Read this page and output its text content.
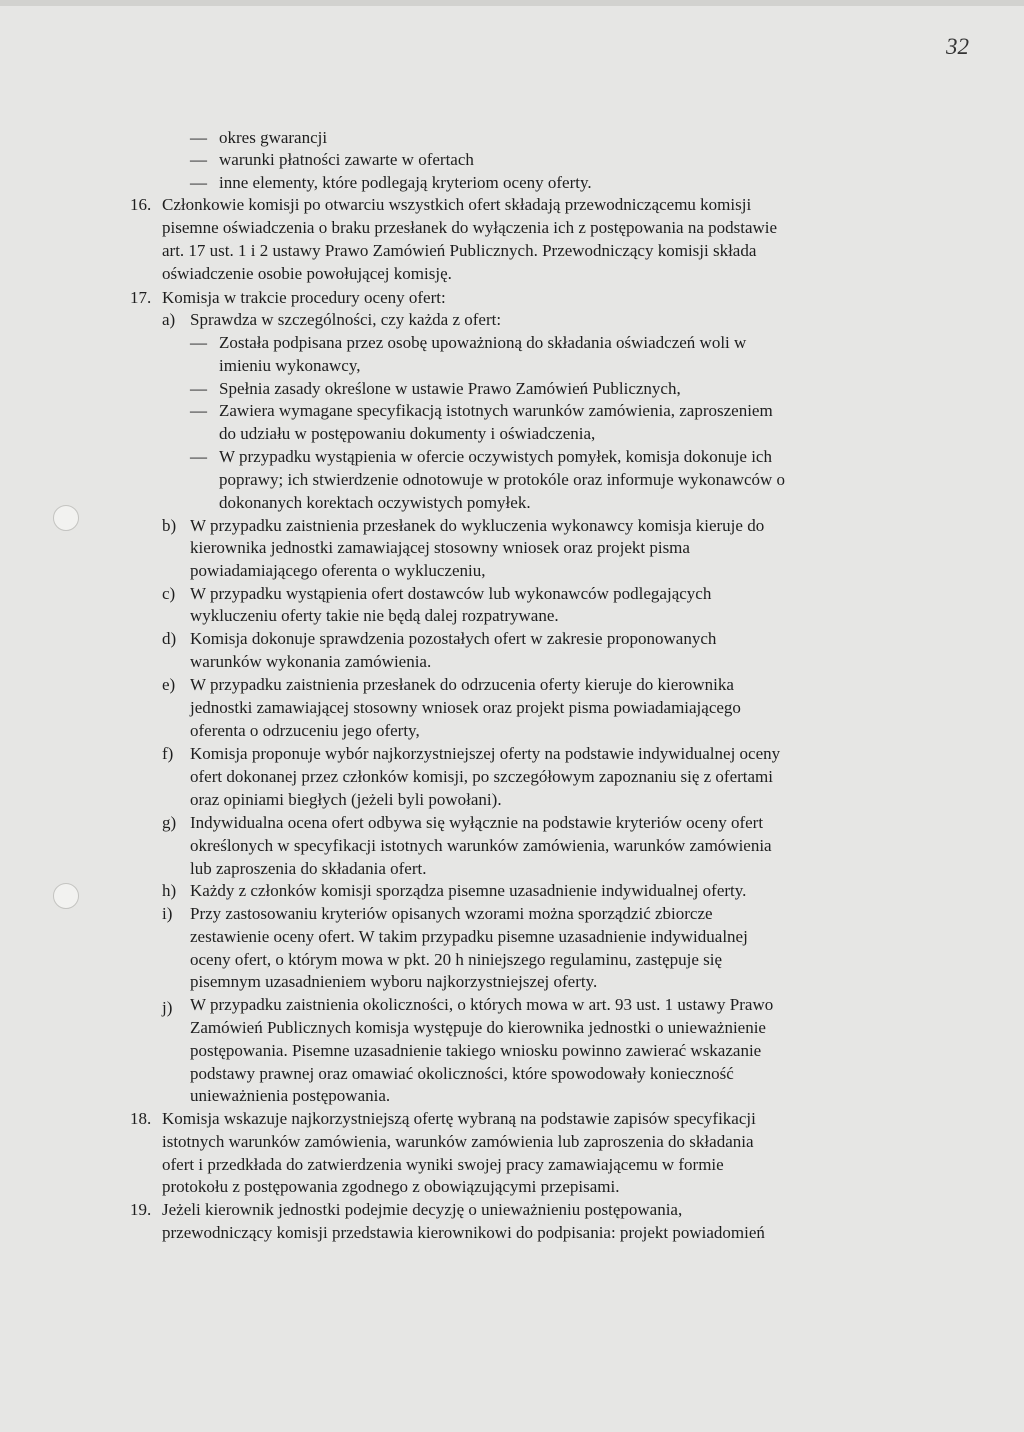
32
—
—
—
okres gwarancji
warunki płatności zawarte w ofertach
inne elementy, które podlegają kryteriom oceny oferty.
16. Członkowie komisji po otwarciu wszystkich ofert składają przewodniczącemu komisji
pisemne oświadczenia o braku przesłanek do wyłączenia ich z postępowania na podstawie
art. 17 ust. 1 i 2 ustawy Prawo Zamówień Publicznych. Przewodniczący komisji składa
oświadczenie osobie powołującej komisję.
17. Komisja w trakcie procedury oceny ofert:
a) Sprawdza w szczególności, czy każda z ofert:
— Została podpisana przez osobę upoważnioną do składania oświadczeń woli w
imieniu wykonawcy,
— Spełnia zasady określone w ustawie Prawo Zamówień Publicznych,
— Zawiera wymagane specyfikacją istotnych warunków zamówienia, zaproszeniem
do udziału w postępowaniu dokumenty i oświadczenia,
— W przypadku wystąpienia w ofercie oczywistych pomyłek, komisja dokonuje ich
poprawy; ich stwierdzenie odnotowuje w protokóle oraz informuje wykonawców o
dokonanych korektach oczywistych pomyłek.
b) W przypadku zaistnienia przesłanek do wykluczenia wykonawcy komisja kieruje do
kierownika jednostki zamawiającej stosowny wniosek oraz projekt pisma
powiadamiającego oferenta o wykluczeniu,
c) W przypadku wystąpienia ofert dostawców lub wykonawców podlegających
wykluczeniu oferty takie nie będą dalej rozpatrywane.
d) Komisja dokonuje sprawdzenia pozostałych ofert w zakresie proponowanych
warunków wykonania zamówienia.
e) W przypadku zaistnienia przesłanek do odrzucenia oferty kieruje do kierownika
jednostki zamawiającej stosowny wniosek oraz projekt pisma powiadamiającego
oferenta o odrzuceniu jego oferty,
f) Komisja proponuje wybór najkorzystniejszej oferty na podstawie indywidualnej oceny
ofert dokonanej przez członków komisji, po szczegółowym zapoznaniu się z ofertami
oraz opiniami biegłych (jeżeli byli powołani).
g) Indywidualna ocena ofert odbywa się wyłącznie na podstawie kryteriów oceny ofert
określonych w specyfikacji istotnych warunków zamówienia, warunków zamówienia
lub zaproszenia do składania ofert.
h) Każdy z członków komisji sporządza pisemne uzasadnienie indywidualnej oferty.
i) Przy zastosowaniu kryteriów opisanych wzorami można sporządzić zbiorcze
zestawienie oceny ofert. W takim przypadku pisemne uzasadnienie indywidualnej
oceny ofert, o którym mowa w pkt. 20 h niniejszego regulaminu, zastępuje się
pisemnym uzasadnieniem wyboru najkorzystniejszej oferty.
j) W przypadku zaistnienia okoliczności, o których mowa w art. 93 ust. 1 ustawy Prawo
Zamówień Publicznych komisja występuje do kierownika jednostki o unieważnienie
postępowania. Pisemne uzasadnienie takiego wniosku powinno zawierać wskazanie
podstawy prawnej oraz omawiać okoliczności, które spowodowały konieczność
unieważnienia postępowania.
18. Komisja wskazuje najkorzystniejszą ofertę wybraną na podstawie zapisów specyfikacji
istotnych warunków zamówienia, warunków zamówienia lub zaproszenia do składania
ofert i przedkłada do zatwierdzenia wyniki swojej pracy zamawiającemu w formie
protokołu z postępowania zgodnego z obowiązującymi przepisami.
19. Jeżeli kierownik jednostki podejmie decyzję o unieważnieniu postępowania,
przewodniczący komisji przedstawia kierownikowi do podpisania: projekt powiadomień
